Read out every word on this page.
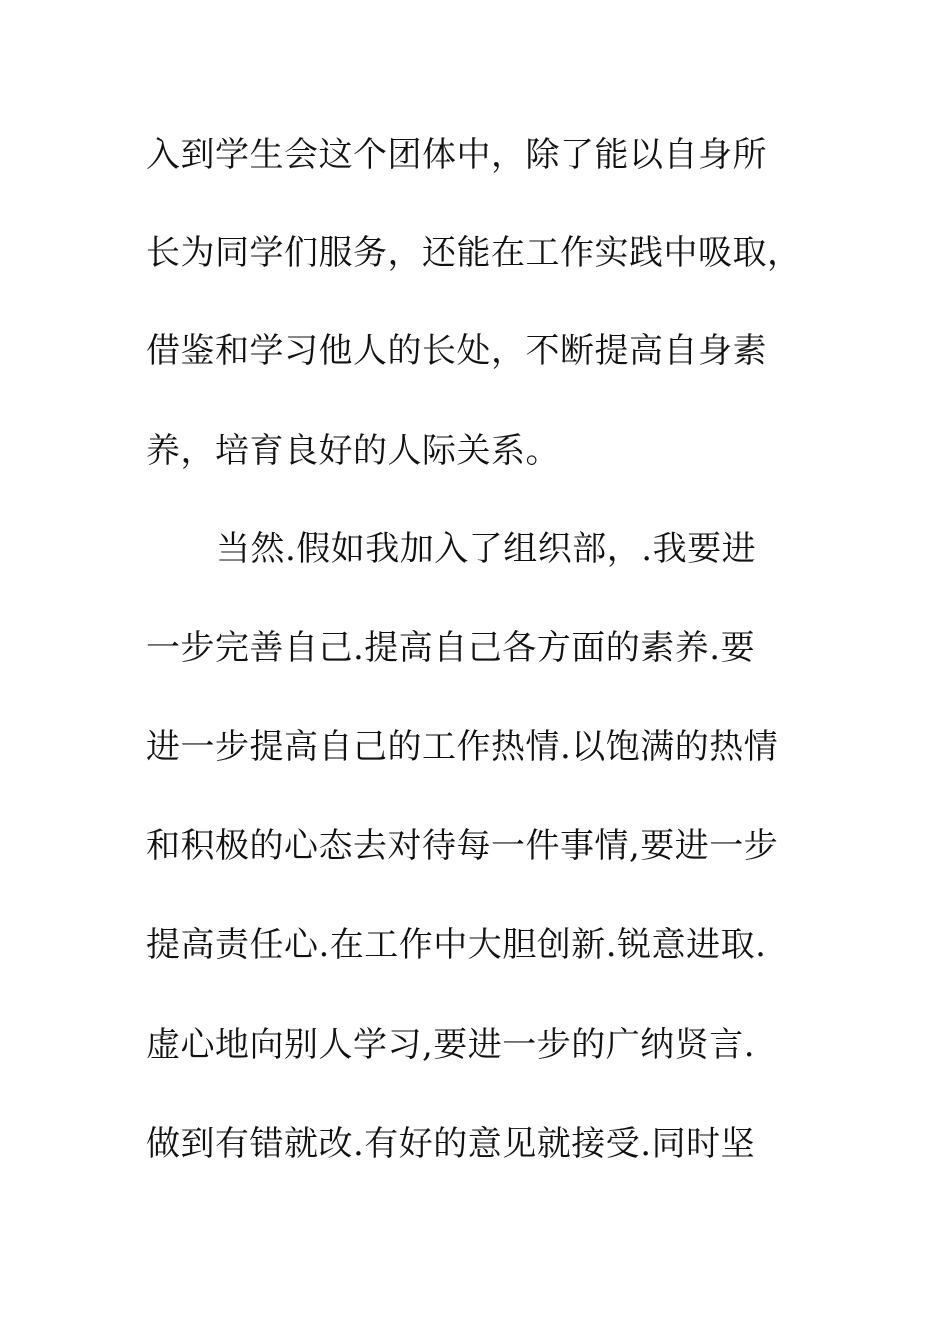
入到学生会这个团体中，除了能以自身所

长为同学们服务，还能在工作实践中吸取，

借鉴和学习他人的长处，不断提高自身素

养，培育良好的人际关系。

当然.假如我加入了组织部，.我要进

一步完善自己.提高自己各方面的素养.要

进一步提高自己的工作热情.以饱满的热情

和积极的心态去对待每一件事情,要进一步

提高责任心.在工作中大胆创新.锐意进取.

虚心地向别人学习,要进一步的广纳贤言.

做到有错就改.有好的意见就接受.同时坚
